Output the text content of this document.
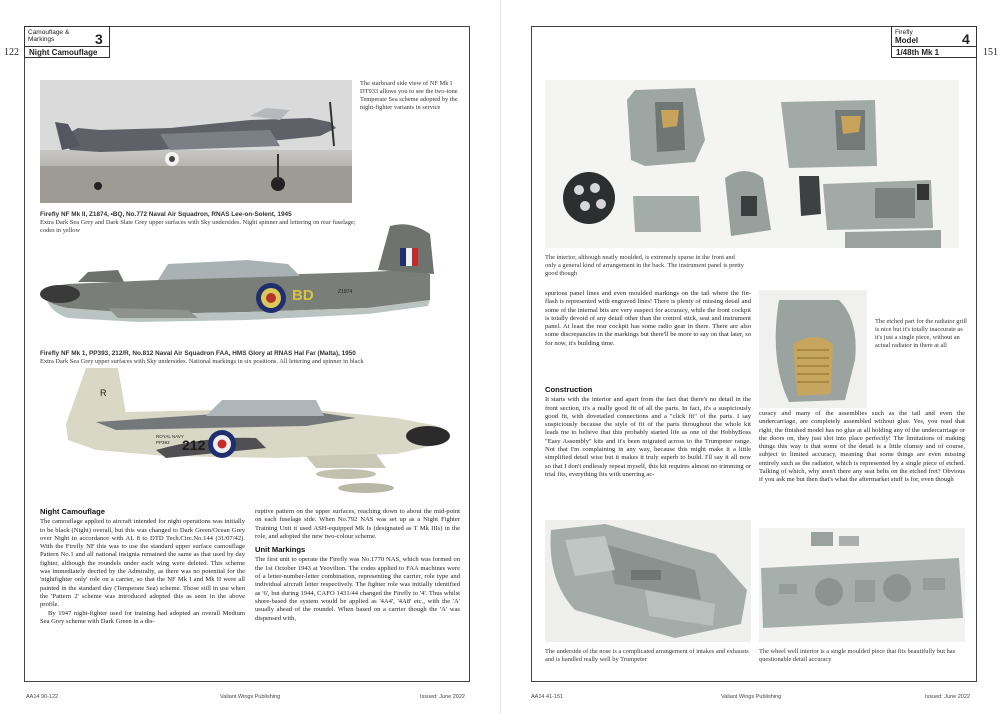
Camouflage & Markings	3
Night Camouflage
122
The starboard side view of NF Mk I DT933 allows you to see the two-tone Temperate Sea scheme adopted by the night-fighter variants in service
Firefly NF Mk II, Z1874, •BQ, No.772 Naval Air Squadron, RNAS Lee-on-Solent, 1945
Extra Dark Sea Grey and Dark Slate Grey upper surfaces with Sky undersides. Night spinner and lettering on rear fuselage; codes in yellow
BD	Z1874
Firefly NF Mk 1, PP393, 212/R, No.812 Naval Air Squadron FAA, HMS Glory at RNAS Hal Far (Malta), 1950
Extra Dark Sea Grey upper surfaces with Sky undersides. National markings in six positions. All lettering and spinner in black
212
ROYAL NAVY
PP393
R
Night Camouflage
The camouflage applied to aircraft intended for night operations was initially to be black (Night) overall, but this was changed to Dark Green/Ocean Grey over Night in accordance with AL 8 to DTD Tech.Circ.No.144 (31/07/42). With the Firefly NF this was to use the standard upper surface camouflage Pattern No.1 and all national insignia remained the same as that used by day fighter, although the roundels under each wing were deleted. This scheme was immediately decried by the Admiralty, as there was no potential for the 'nightfighter only' role on a carrier, so that the NF Mk I and Mk II were all painted in the standard day (Temperate Sea) scheme. Those still in use when the 'Pattern 2' scheme was introduced adopted this as seen in the above profile.
By 1947 night-fighter used for training had adopted an overall Medium Sea Grey scheme with Dark Green in a dis-
ruptive pattern on the upper surfaces, reaching down to about the mid-point on each fuselage side. When No.792 NAS was set up as a Night Fighter Training Unit it used ASH-equipped Mk Is (designated as T Mk IIIs) in the role, and adopted the new two-colour scheme.
Unit Markings
The first unit to operate the Firefly was No.1770 NAS, which was formed on the 1st October 1943 at Yeovilton. The codes applied to FAA machines were of a letter-number-letter combination, representing the carrier, role type and individual aircraft letter respectively. The fighter role was initially identified as '6', but during 1944, CAFO 1431/44 changed the Firefly to '4'. Thus whilst shore-based the system would be applied as '4A4', '4A8' etc., with the 'A' usually ahead of the roundel. When based on a carrier though the 'A' was dispensed with,
AA14 90-122	Valiant Wings Publishing	Issued: June 2022
Firefly
Model	4
1/48th Mk 1	151
The interior, although neatly moulded, is extremely sparse in the front and only a general kind of arrangement in the back. The instrument panel is pretty good though
spurious panel lines and even moulded markings on the tail where the fin-flash is represented with engraved lines! There is plenty of missing detail and some of the internal bits are very suspect for accuracy, while the front cockpit is totally devoid of any detail other than the control stick, seat and instrument panel. At least the rear cockpit has some radio gear in there. There are also some discrepancies in the markings but there'll be more to say on that later, so for now, it's building time.
The etched part for the radiator grill is nice but it's totally inaccurate as it's just a single piece, without an actual radiator in there at all
Construction
It starts with the interior and apart from the fact that there's no detail in the front section, it's a really good fit of all the parts. In fact, it's a suspiciously good fit, with dovetailed connections and a "click fit" of the parts. I say suspiciously because the style of fit of the parts throughout the whole kit leads me to believe that this probably started life as one of the HobbyBoss "Easy Assembly" kits and it's been migrated across to the Trumpeter range. Not that I'm complaining in any way, because this might make it a little simplified detail wise but it makes it truly superb to build. I'll say it all now so that I don't endlessly repeat myself, this kit requires almost no trimming or trial fits, everything fits with unerring ac-
curacy and many of the assemblies such as the tail and even the undercarriage, are completely assembled without glue. Yes, you read that right, the finished model has no glue at all holding any of the undercarriage or the doors on, they just slot into place perfectly! The limitations of making things this way is that some of the detail is a little clumsy and of course, subject to limited accuracy, meaning that some things are even missing entirely such as the radiator, which is represented by a single piece of etched. Talking of which, why aren't there any seat belts on the etched fret? Obvious if you ask me but then that's what the aftermarket stuff is for, even though
The underside of the nose is a complicated arrangement of intakes and exhausts and is handled really well by Trumpeter
The wheel well interior is a single moulded piece that fits beautifully but has questionable detail accuracy
AA14 41-151	Valiant Wings Publishing	Issued: June 2022
